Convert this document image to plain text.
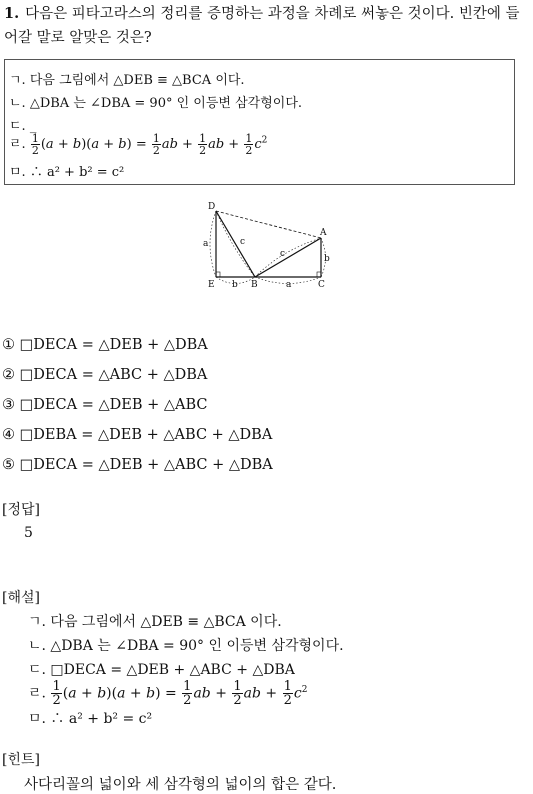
1. 다음은 피타고라스의 정리를 증명하는 과정을 차례로 써놓은 것이다. 빈칸에 들어갈 말로 알맞은 것은?
ㄱ. 다음 그림에서 △DEB ≡ △BCA 이다.
ㄴ. △DBA 는 ∠DBA = 90° 인 이등변 삼각형이다.
ㄷ. _
ㄹ. $\frac{1}{2} (a + b)(a + b) = \frac{1}{2}$ ab + $\frac{1}{2}$ ab + $\frac{1}{2} c^2$
ㅁ. ∴ a² + b² = c²
D
A
E	B	C
a
b
b	a
c
c
① □DECA = △DEB + △DBA
② □DECA = △ABC + △DBA
③ □DECA = △DEB + △ABC
④ □DEBA = △DEB + △ABC + △DBA
⑤ □DECA = △DEB + △ABC + △DBA
[정답]
5
[해설]
ㄱ. 다음 그림에서 △DEB ≡ △BCA 이다.
ㄴ. △DBA 는 ∠DBA = 90° 인 이등변 삼각형이다.
ㄷ. □DECA = △DEB + △ABC + △DBA
ㄹ. $\frac{1}{2} (a + b)(a + b) = \frac{1}{2}$ ab + $\frac{1}{2}$ ab + $\frac{1}{2} c^2$
ㅁ. ∴ a² + b² = c²
[힌트]
사다리꼴의 넓이와 세 삼각형의 넓이의 합은 같다.
